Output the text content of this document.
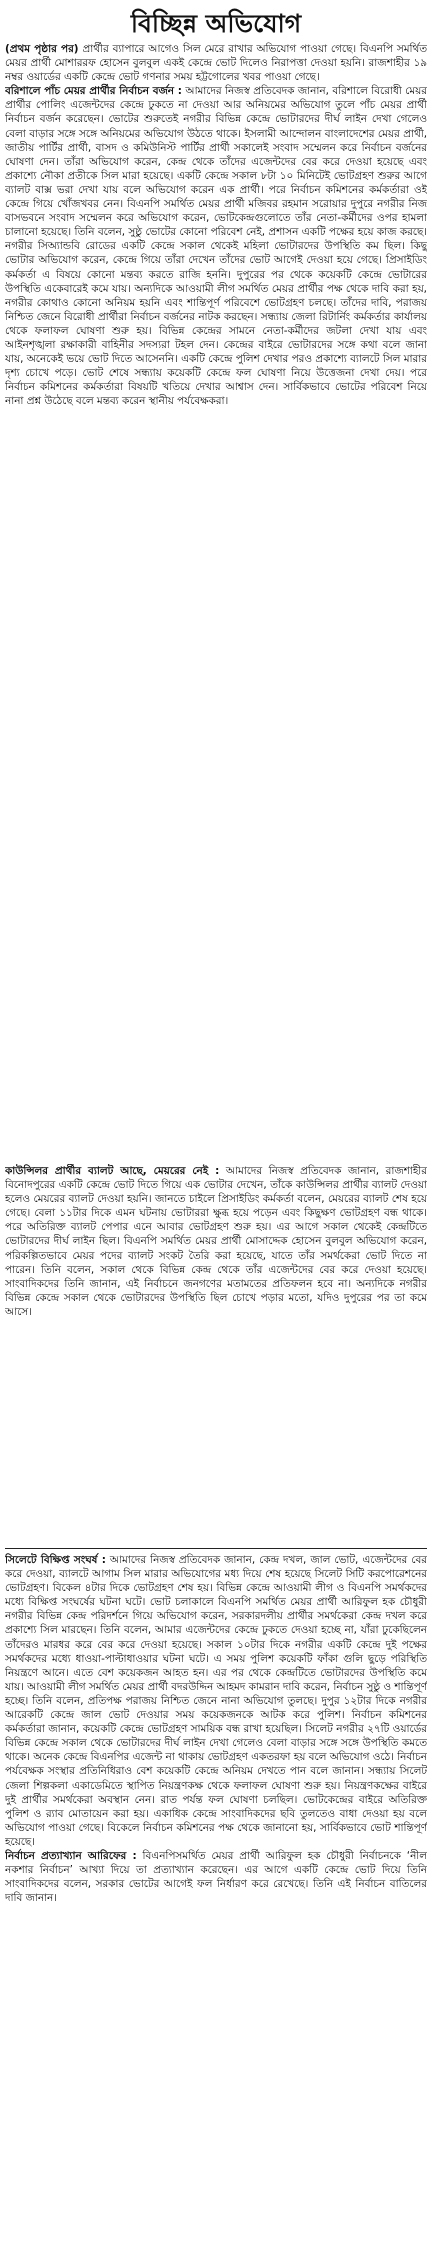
বিচ্ছিন্ন অভিযোগ

(প্রথম পৃষ্ঠার পর) প্রার্থীর ব্যাপারে আগেও সিল মেরে রাখার অভিযোগ পাওয়া গেছে। বিএনপি সমর্থিত মেয়র প্রার্থী মোশাররফ হোসেন বুলবুল একই কেন্দ্রে ভোট দিলেও নিরাপত্তা দেওয়া হয়নি। রাজশাহীর ১৯ নম্বর ওয়ার্ডের একটি কেন্দ্রে ভোট গণনার সময় হট্টগোলের খবর পাওয়া গেছে।

বরিশালে পাঁচ মেয়র প্রার্থীর নির্বাচন বর্জন : আমাদের নিজস্ব প্রতিবেদক জানান, বরিশালে বিরোধী মেয়র প্রার্থীর পোলিং এজেন্টদের কেন্দ্রে ঢুকতে না দেওয়া আর অনিয়মের অভিযোগ তুলে পাঁচ মেয়র প্রার্থী নির্বাচন বর্জন করেছেন। ভোটের শুরুতেই নগরীর বিভিন্ন কেন্দ্রে ভোটারদের দীর্ঘ লাইন দেখা গেলেও বেলা বাড়ার সঙ্গে সঙ্গে অনিয়মের অভিযোগ উঠতে থাকে। ইসলামী আন্দোলন বাংলাদেশের মেয়র প্রার্থী, জাতীয় পার্টির প্রার্থী, বাসদ ও কমিউনিস্ট পার্টির প্রার্থী সকালেই সংবাদ সম্মেলন করে নির্বাচন বর্জনের ঘোষণা দেন। তাঁরা অভিযোগ করেন, কেন্দ্র থেকে তাঁদের এজেন্টদের বের করে দেওয়া হয়েছে এবং প্রকাশ্যে নৌকা প্রতীকে সিল মারা হয়েছে। একটি কেন্দ্রে সকাল ৮টা ১০ মিনিটেই ভোটগ্রহণ শুরুর আগে ব্যালট বাক্স ভরা দেখা যায় বলে অভিযোগ করেন এক প্রার্থী। পরে নির্বাচন কমিশনের কর্মকর্তারা ওই কেন্দ্রে গিয়ে খোঁজখবর নেন। বিএনপি সমর্থিত মেয়র প্রার্থী মজিবর রহমান সরোয়ার দুপুরে নগরীর নিজ বাসভবনে সংবাদ সম্মেলন করে অভিযোগ করেন, ভোটকেন্দ্রগুলোতে তাঁর নেতা-কর্মীদের ওপর হামলা চালানো হয়েছে। তিনি বলেন, সুষ্ঠু ভোটের কোনো পরিবেশ নেই, প্রশাসন একটি পক্ষের হয়ে কাজ করছে। নগরীর সিঅ্যান্ডবি রোডের একটি কেন্দ্রে সকাল থেকেই মহিলা ভোটারদের উপস্থিতি কম ছিল। কিছু ভোটার অভিযোগ করেন, কেন্দ্রে গিয়ে তাঁরা দেখেন তাঁদের ভোট আগেই দেওয়া হয়ে গেছে। প্রিসাইডিং কর্মকর্তা এ বিষয়ে কোনো মন্তব্য করতে রাজি হননি। দুপুরের পর থেকে কয়েকটি কেন্দ্রে ভোটারের উপস্থিতি একেবারেই কমে যায়। অন্যদিকে আওয়ামী লীগ সমর্থিত মেয়র প্রার্থীর পক্ষ থেকে দাবি করা হয়, নগরীর কোথাও কোনো অনিয়ম হয়নি এবং শান্তিপূর্ণ পরিবেশে ভোটগ্রহণ চলছে। তাঁদের দাবি, পরাজয় নিশ্চিত জেনে বিরোধী প্রার্থীরা নির্বাচন বর্জনের নাটক করছেন। সন্ধ্যায় জেলা রিটার্নিং কর্মকর্তার কার্যালয় থেকে ফলাফল ঘোষণা শুরু হয়। বিভিন্ন কেন্দ্রের সামনে নেতা-কর্মীদের জটলা দেখা যায় এবং আইনশৃঙ্খলা রক্ষাকারী বাহিনীর সদস্যরা টহল দেন। কেন্দ্রের বাইরে ভোটারদের সঙ্গে কথা বলে জানা যায়, অনেকেই ভয়ে ভোট দিতে আসেননি। একটি কেন্দ্রে পুলিশ দেখার পরও প্রকাশ্যে ব্যালটে সিল মারার দৃশ্য চোখে পড়ে। ভোট শেষে সন্ধ্যায় কয়েকটি কেন্দ্রে ফল ঘোষণা নিয়ে উত্তেজনা দেখা দেয়। পরে নির্বাচন কমিশনের কর্মকর্তারা বিষয়টি খতিয়ে দেখার আশ্বাস দেন। সার্বিকভাবে ভোটের পরিবেশ নিয়ে নানা প্রশ্ন উঠেছে বলে মন্তব্য করেন স্থানীয় পর্যবেক্ষকরা।

কাউন্সিলর প্রার্থীর ব্যালট আছে, মেয়রের নেই : আমাদের নিজস্ব প্রতিবেদক জানান, রাজশাহীর বিনোদপুরের একটি কেন্দ্রে ভোট দিতে গিয়ে এক ভোটার দেখেন, তাঁকে কাউন্সিলর প্রার্থীর ব্যালট দেওয়া হলেও মেয়রের ব্যালট দেওয়া হয়নি। জানতে চাইলে প্রিসাইডিং কর্মকর্তা বলেন, মেয়রের ব্যালট শেষ হয়ে গেছে। বেলা ১১টার দিকে এমন ঘটনায় ভোটাররা ক্ষুব্ধ হয়ে পড়েন এবং কিছুক্ষণ ভোটগ্রহণ বন্ধ থাকে। পরে অতিরিক্ত ব্যালট পেপার এনে আবার ভোটগ্রহণ শুরু হয়। এর আগে সকাল থেকেই কেন্দ্রটিতে ভোটারদের দীর্ঘ লাইন ছিল। বিএনপি সমর্থিত মেয়র প্রার্থী মোসাদ্দেক হোসেন বুলবুল অভিযোগ করেন, পরিকল্পিতভাবে মেয়র পদের ব্যালট সংকট তৈরি করা হয়েছে, যাতে তাঁর সমর্থকেরা ভোট দিতে না পারেন। তিনি বলেন, সকাল থেকে বিভিন্ন কেন্দ্র থেকে তাঁর এজেন্টদের বের করে দেওয়া হয়েছে। সাংবাদিকদের তিনি জানান, এই নির্বাচনে জনগণের মতামতের প্রতিফলন হবে না। অন্যদিকে নগরীর বিভিন্ন কেন্দ্রে সকাল থেকে ভোটারদের উপস্থিতি ছিল চোখে পড়ার মতো, যদিও দুপুরের পর তা কমে আসে।

সিলেটে বিক্ষিপ্ত সংঘর্ষ : আমাদের নিজস্ব প্রতিবেদক জানান, কেন্দ্র দখল, জাল ভোট, এজেন্টদের বের করে দেওয়া, ব্যালটে আগাম সিল মারার অভিযোগের মধ্য দিয়ে শেষ হয়েছে সিলেট সিটি করপোরেশনের ভোটগ্রহণ। বিকেল ৪টার দিকে ভোটগ্রহণ শেষ হয়। বিভিন্ন কেন্দ্রে আওয়ামী লীগ ও বিএনপি সমর্থকদের মধ্যে বিক্ষিপ্ত সংঘর্ষের ঘটনা ঘটে। ভোট চলাকালে বিএনপি সমর্থিত মেয়র প্রার্থী আরিফুল হক চৌধুরী নগরীর বিভিন্ন কেন্দ্র পরিদর্শনে গিয়ে অভিযোগ করেন, সরকারদলীয় প্রার্থীর সমর্থকেরা কেন্দ্র দখল করে প্রকাশ্যে সিল মারছেন। তিনি বলেন, আমার এজেন্টদের কেন্দ্রে ঢুকতে দেওয়া হচ্ছে না, যাঁরা ঢুকেছিলেন তাঁদেরও মারধর করে বের করে দেওয়া হয়েছে। সকাল ১০টার দিকে নগরীর একটি কেন্দ্রে দুই পক্ষের সমর্থকদের মধ্যে ধাওয়া-পাল্টাধাওয়ার ঘটনা ঘটে। এ সময় পুলিশ কয়েকটি ফাঁকা গুলি ছুড়ে পরিস্থিতি নিয়ন্ত্রণে আনে। এতে বেশ কয়েকজন আহত হন। এর পর থেকে কেন্দ্রটিতে ভোটারদের উপস্থিতি কমে যায়। আওয়ামী লীগ সমর্থিত মেয়র প্রার্থী বদরউদ্দিন আহমদ কামরান দাবি করেন, নির্বাচন সুষ্ঠু ও শান্তিপূর্ণ হচ্ছে। তিনি বলেন, প্রতিপক্ষ পরাজয় নিশ্চিত জেনে নানা অভিযোগ তুলছে। দুপুর ১২টার দিকে নগরীর আরেকটি কেন্দ্রে জাল ভোট দেওয়ার সময় কয়েকজনকে আটক করে পুলিশ। নির্বাচন কমিশনের কর্মকর্তারা জানান, কয়েকটি কেন্দ্রে ভোটগ্রহণ সাময়িক বন্ধ রাখা হয়েছিল। সিলেট নগরীর ২৭টি ওয়ার্ডের বিভিন্ন কেন্দ্রে সকাল থেকে ভোটারদের দীর্ঘ লাইন দেখা গেলেও বেলা বাড়ার সঙ্গে সঙ্গে উপস্থিতি কমতে থাকে। অনেক কেন্দ্রে বিএনপির এজেন্ট না থাকায় ভোটগ্রহণ একতরফা হয় বলে অভিযোগ ওঠে। নির্বাচন পর্যবেক্ষক সংস্থার প্রতিনিধিরাও বেশ কয়েকটি কেন্দ্রে অনিয়ম দেখতে পান বলে জানান। সন্ধ্যায় সিলেট জেলা শিল্পকলা একাডেমিতে স্থাপিত নিয়ন্ত্রণকক্ষ থেকে ফলাফল ঘোষণা শুরু হয়। নিয়ন্ত্রণকক্ষের বাইরে দুই প্রার্থীর সমর্থকেরা অবস্থান নেন। রাত পর্যন্ত ফল ঘোষণা চলছিল। ভোটকেন্দ্রের বাইরে অতিরিক্ত পুলিশ ও র‍্যাব মোতায়েন করা হয়। একাধিক কেন্দ্রে সাংবাদিকদের ছবি তুলতেও বাধা দেওয়া হয় বলে অভিযোগ পাওয়া গেছে। বিকেলে নির্বাচন কমিশনের পক্ষ থেকে জানানো হয়, সার্বিকভাবে ভোট শান্তিপূর্ণ হয়েছে।

নির্বাচন প্রত্যাখ্যান আরিফের : বিএনপিসমর্থিত মেয়র প্রার্থী আরিফুল হক চৌধুরী নির্বাচনকে ‘নীল নকশার নির্বাচন’ আখ্যা দিয়ে তা প্রত্যাখ্যান করেছেন। এর আগে একটি কেন্দ্রে ভোট দিয়ে তিনি সাংবাদিকদের বলেন, সরকার ভোটের আগেই ফল নির্ধারণ করে রেখেছে। তিনি এই নির্বাচন বাতিলের দাবি জানান।
